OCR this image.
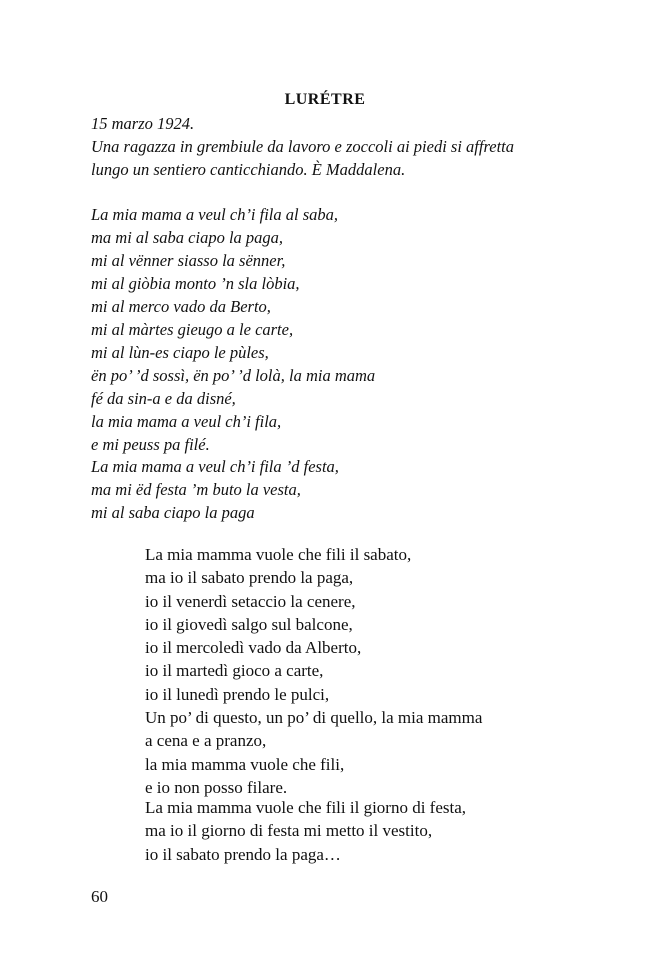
LURÉTRE
15 marzo 1924.
Una ragazza in grembiule da lavoro e zoccoli ai piedi si affretta
lungo un sentiero canticchiando. È Maddalena.
La mia mama a veul ch’i fila al saba,
ma mi al saba ciapo la paga,
mi al vënner siasso la sënner,
mi al giòbia monto ’n sla lòbia,
mi al merco vado da Berto,
mi al màrtes gieugo a le carte,
mi al lùn-es ciapo le pùles,
ën po’ ’d sossì, ën po’ ’d lolà, la mia mama
fé da sin-a e da disné,
la mia mama a veul ch’i fila,
e mi peuss pa filé.
La mia mama a veul ch’i fila ’d festa,
ma mi ëd festa ’m buto la vesta,
mi al saba ciapo la paga
La mia mamma vuole che fili il sabato,
ma io il sabato prendo la paga,
io il venerdì setaccio la cenere,
io il giovedì salgo sul balcone,
io il mercoledì vado da Alberto,
io il martedì gioco a carte,
io il lunedì prendo le pulci,
Un po’ di questo, un po’ di quello, la mia mamma
a cena e a pranzo,
la mia mamma vuole che fili,
e io non posso filare.
La mia mamma vuole che fili il giorno di festa,
ma io il giorno di festa mi metto il vestito,
io il sabato prendo la paga…
60
